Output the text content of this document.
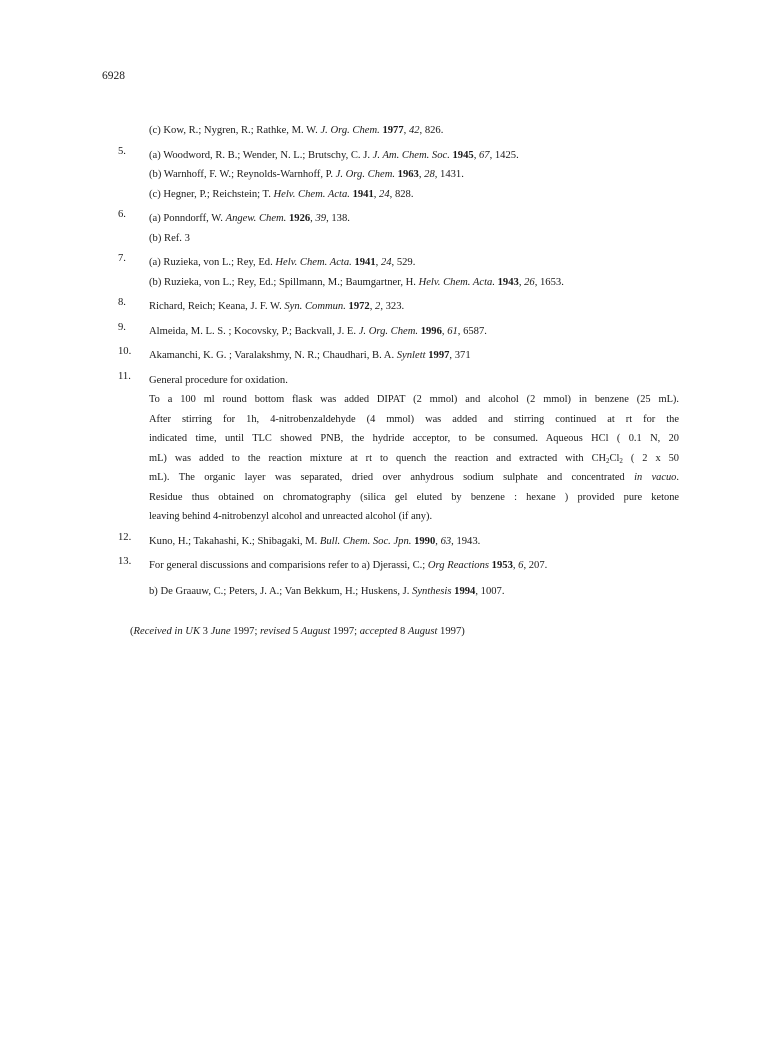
6928
(c) Kow, R.; Nygren, R.; Rathke, M. W. J. Org. Chem. 1977, 42, 826.
5. (a) Woodword, R. B.; Wender, N. L.; Brutschy, C. J. J. Am. Chem. Soc. 1945, 67, 1425.
(b) Warnhoff, F. W.; Reynolds-Warnhoff, P. J. Org. Chem. 1963, 28, 1431.
(c) Hegner, P.; Reichstein; T. Helv. Chem. Acta. 1941, 24, 828.
6. (a) Ponndorff, W. Angew. Chem. 1926, 39, 138.
(b) Ref. 3
7. (a) Ruzieka, von L.; Rey, Ed. Helv. Chem. Acta. 1941, 24, 529.
(b) Ruzieka, von L.; Rey, Ed.; Spillmann, M.; Baumgartner, H. Helv. Chem. Acta. 1943, 26, 1653.
8. Richard, Reich; Keana, J. F. W. Syn. Commun. 1972, 2, 323.
9. Almeida, M. L. S. ; Kocovsky, P.; Backvall, J. E. J. Org. Chem. 1996, 61, 6587.
10. Akamanchi, K. G. ; Varalakshmy, N. R.; Chaudhari, B. A. Synlett 1997, 371
11. General procedure for oxidation.
To a 100 ml round bottom flask was added DIPAT (2 mmol) and alcohol (2 mmol) in benzene (25 mL).
After stirring for 1h, 4-nitrobenzaldehyde (4 mmol) was added and stirring continued at rt for the
indicated time, until TLC showed PNB, the hydride acceptor, to be consumed. Aqueous HCl ( 0.1 N, 20
mL) was added to the reaction mixture at rt to quench the reaction and extracted with $CH_2Cl_2$ ( 2 x 50
mL). The organic layer was separated, dried over anhydrous sodium sulphate and concentrated in vacuo.
Residue thus obtained on chromatography (silica gel eluted by benzene : hexane ) provided pure ketone
leaving behind 4-nitrobenzyl alcohol and unreacted alcohol (if any).
12. Kuno, H.; Takahashi, K.; Shibagaki, M. Bull. Chem. Soc. Jpn. 1990, 63, 1943.
13. For general discussions and comparisions refer to a) Djerassi, C.; Org Reactions 1953, 6, 207.
b) De Graauw, C.; Peters, J. A.; Van Bekkum, H.; Huskens, J. Synthesis 1994, 1007.
(Received in UK 3 June 1997; revised 5 August 1997; accepted 8 August 1997)
